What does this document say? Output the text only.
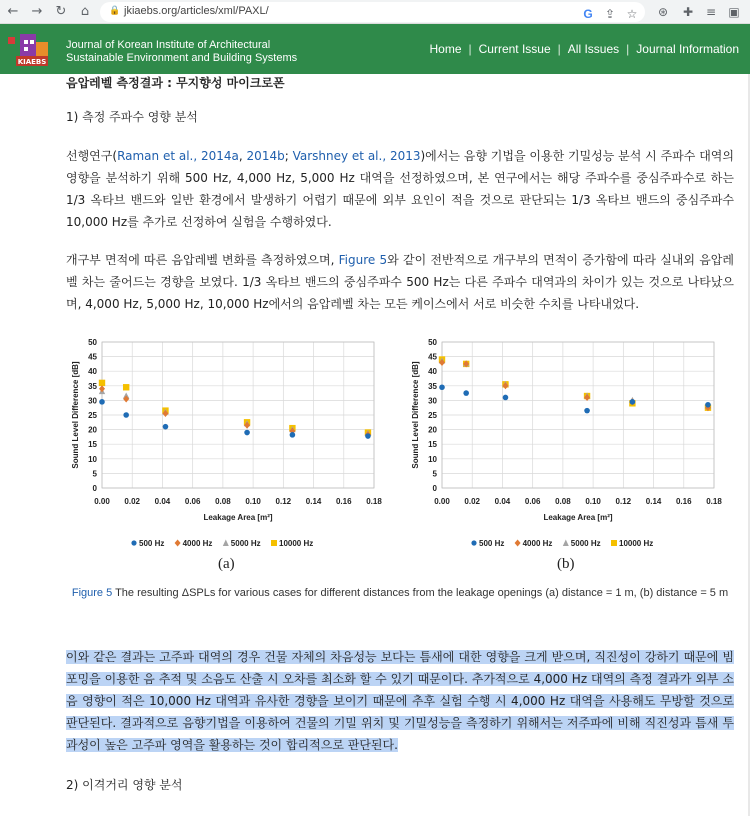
← → ↻	⌂	🔒 jkiaebs.org/articles/xml/PAXL/	G ⇪ ☆ ⊛ ✚ ≡ ▣
KIAEBS
Journal of Korean Institute of Architectural
Sustainable Environment and Building Systems
Home | Current Issue | All Issues | Journal Information
음압레벨 측정결과 : 무지향성 마이크로폰
1) 측정 주파수 영향 분석
선행연구(Raman et al., 2014a, 2014b; Varshney et al., 2013)에서는 음향 기법을 이용한 기밀성능 분석 시 주파수 대역의 영향을 분석하기 위해 500 Hz, 4,000 Hz, 5,000 Hz 대역을 선정하였으며, 본 연구에서는 해당 주파수를 중심주파수로 하는 1/3 옥타브 밴드와 일반 환경에서 발생하기 어렵기 때문에 외부 요인이 적을 것으로 판단되는 1/3 옥타브 밴드의 중심주파수 10,000 Hz를 추가로 선정하여 실험을 수행하였다.
개구부 면적에 따른 음압레벨 변화를 측정하였으며, Figure 5와 같이 전반적으로 개구부의 면적이 증가함에 따라 실내외 음압레벨 차는 줄어드는 경향을 보였다. 1/3 옥타브 밴드의 중심주파수 500 Hz는 다른 주파수 대역과의 차이가 있는 것으로 나타났으며, 4,000 Hz, 5,000 Hz, 10,000 Hz에서의 음압레벨 차는 모든 케이스에서 서로 비슷한 수치를 나타내었다.
0
5
10
15
20
25
30
35
40
45
50
0.00 0.02 0.04 0.06 0.08 0.10 0.12 0.14 0.16 0.18
Leakage Area [m²]
Sound Level Difference [dB]
500 Hz 4000 Hz 5000 Hz 10000 Hz
0
5
10
15
20
25
30
35
40
45
50
0.00 0.02 0.04 0.06 0.08 0.10 0.12 0.14 0.16 0.18
Leakage Area [m²]
Sound Level Difference [dB]
500 Hz 4000 Hz 5000 Hz 10000 Hz
(a)	(b)
Figure 5 The resulting ΔSPLs for various cases for different distances from the leakage openings (a) distance = 1 m, (b) distance = 5 m
이와 같은 결과는 고주파 대역의 경우 건물 자체의 차음성능 보다는 틈새에 대한 영향을 크게 받으며, 직진성이 강하기 때문에 빔포밍을 이용한 음 추적 및 소음도 산출 시 오차를 최소화 할 수 있기 때문이다. 추가적으로 4,000 Hz 대역의 측정 결과가 외부 소음 영향이 적은 10,000 Hz 대역과 유사한 경향을 보이기 때문에 추후 실험 수행 시 4,000 Hz 대역을 사용해도 무방할 것으로 판단된다. 결과적으로 음향기법을 이용하여 건물의 기밀 위치 및 기밀성능을 측정하기 위해서는 저주파에 비해 직진성과 틈새 투과성이 높은 고주파 영역을 활용하는 것이 합리적으로 판단된다.
2) 이격거리 영향 분석
